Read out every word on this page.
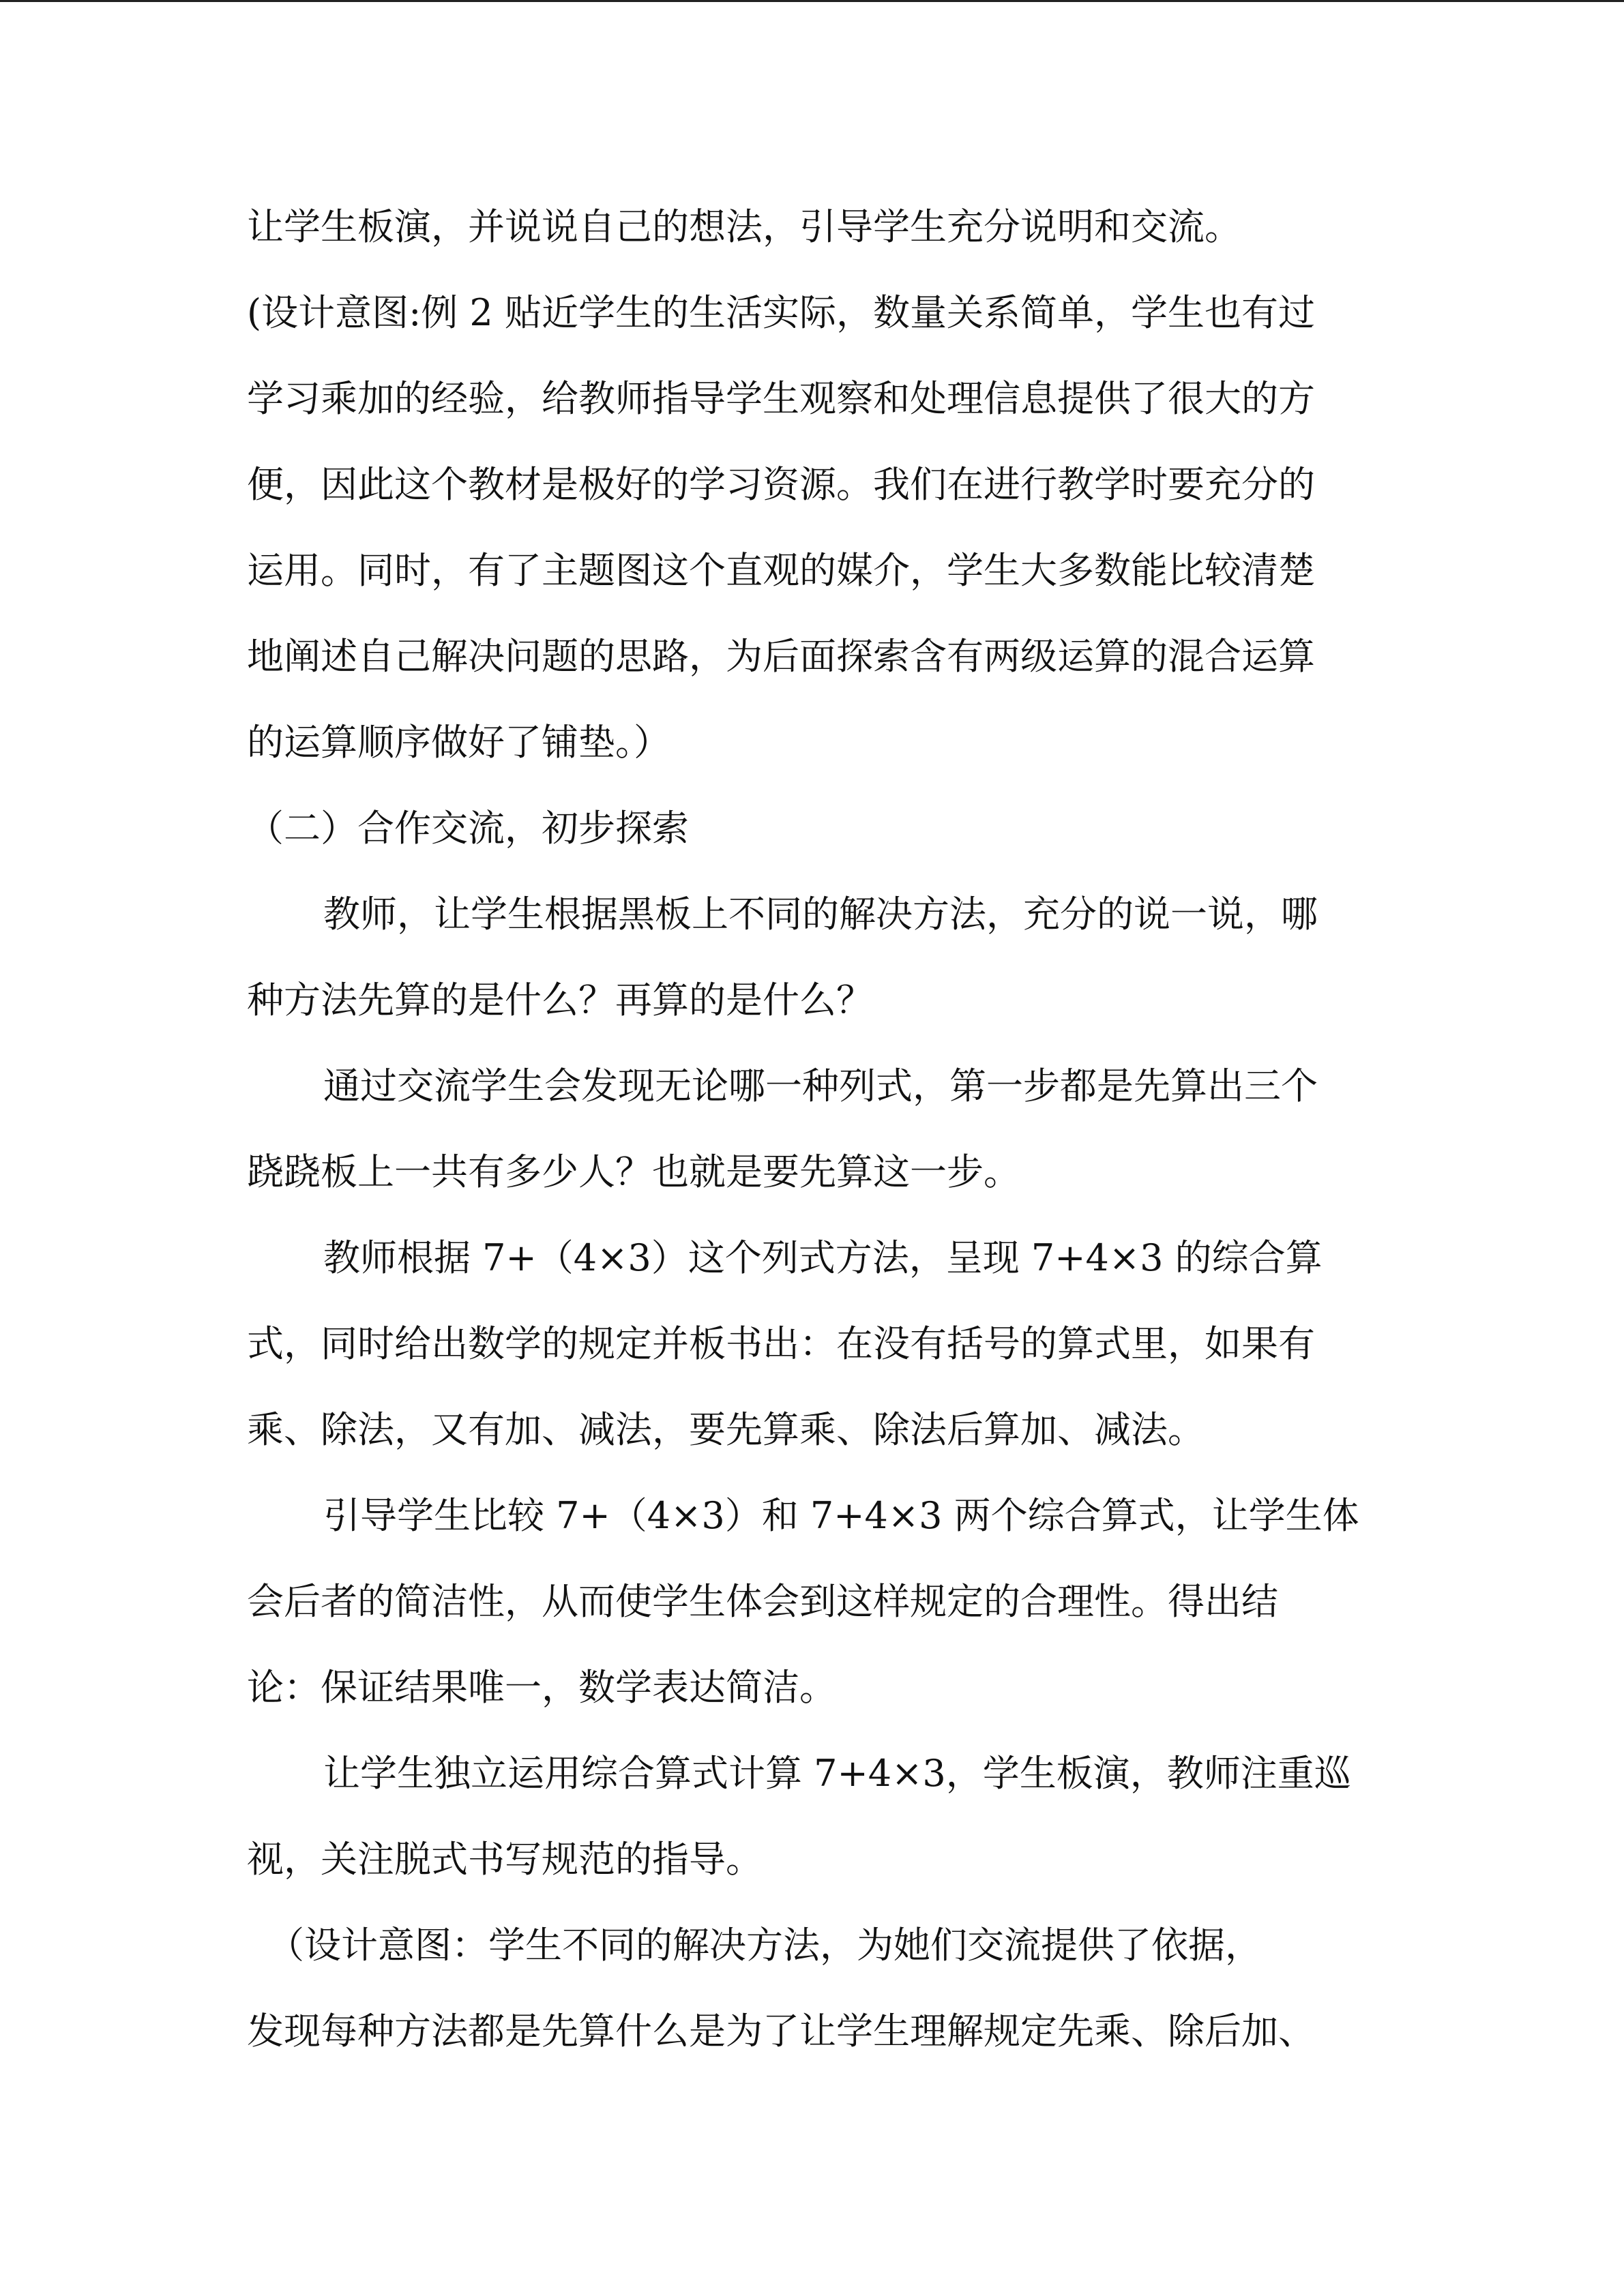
让学生板演，并说说自己的想法，引导学生充分说明和交流。
(设计意图:例 2 贴近学生的生活实际，数量关系简单，学生也有过
学习乘加的经验，给教师指导学生观察和处理信息提供了很大的方
便，因此这个教材是极好的学习资源。我们在进行教学时要充分的
运用。同时，有了主题图这个直观的媒介，学生大多数能比较清楚
地阐述自己解决问题的思路，为后面探索含有两级运算的混合运算
的运算顺序做好了铺垫。）
（二）合作交流，初步探索
教师，让学生根据黑板上不同的解决方法，充分的说一说，哪
种方法先算的是什么？再算的是什么？
通过交流学生会发现无论哪一种列式，第一步都是先算出三个
跷跷板上一共有多少人？也就是要先算这一步。
教师根据 7+（4×3）这个列式方法，呈现 7+4×3 的综合算
式，同时给出数学的规定并板书出：在没有括号的算式里，如果有
乘、除法，又有加、减法，要先算乘、除法后算加、减法。
引导学生比较 7+（4×3）和 7+4×3 两个综合算式，让学生体
会后者的简洁性，从而使学生体会到这样规定的合理性。得出结
论：保证结果唯一，数学表达简洁。
让学生独立运用综合算式计算 7+4×3，学生板演，教师注重巡
视，关注脱式书写规范的指导。
（设计意图：学生不同的解决方法，为她们交流提供了依据，
发现每种方法都是先算什么是为了让学生理解规定先乘、除后加、
